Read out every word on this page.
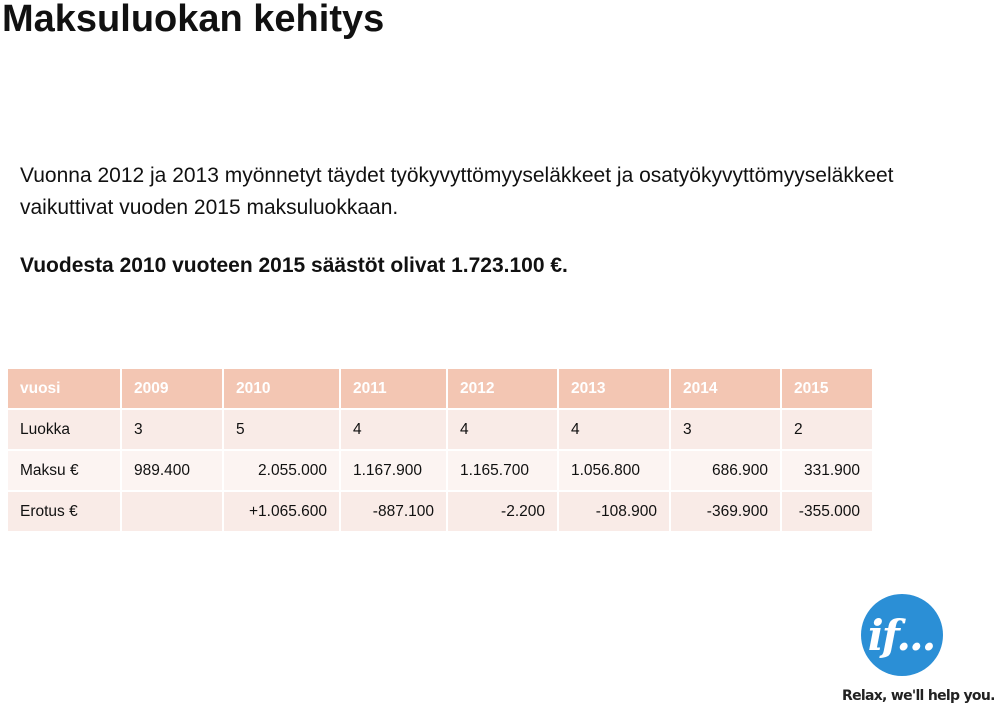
Maksuluokan kehitys

Vuonna 2012 ja 2013 myönnetyt täydet työkyvyttömyyseläkkeet ja osatyökyvyttömyyseläkkeet vaikuttivat vuoden 2015 maksuluokkaan.

Vuodesta 2010 vuoteen 2015 säästöt olivat 1.723.100 €.

vuosi	2009	2010	2011	2012	2013	2014	2015
Luokka	3	5	4	4	4	3	2
Maksu €	989.400	2.055.000	1.167.900	1.165.700	1.056.800	686.900	331.900
Erotus €		+1.065.600	-887.100	-2.200	-108.900	-369.900	-355.000
if...

Relax, we'll help you.
